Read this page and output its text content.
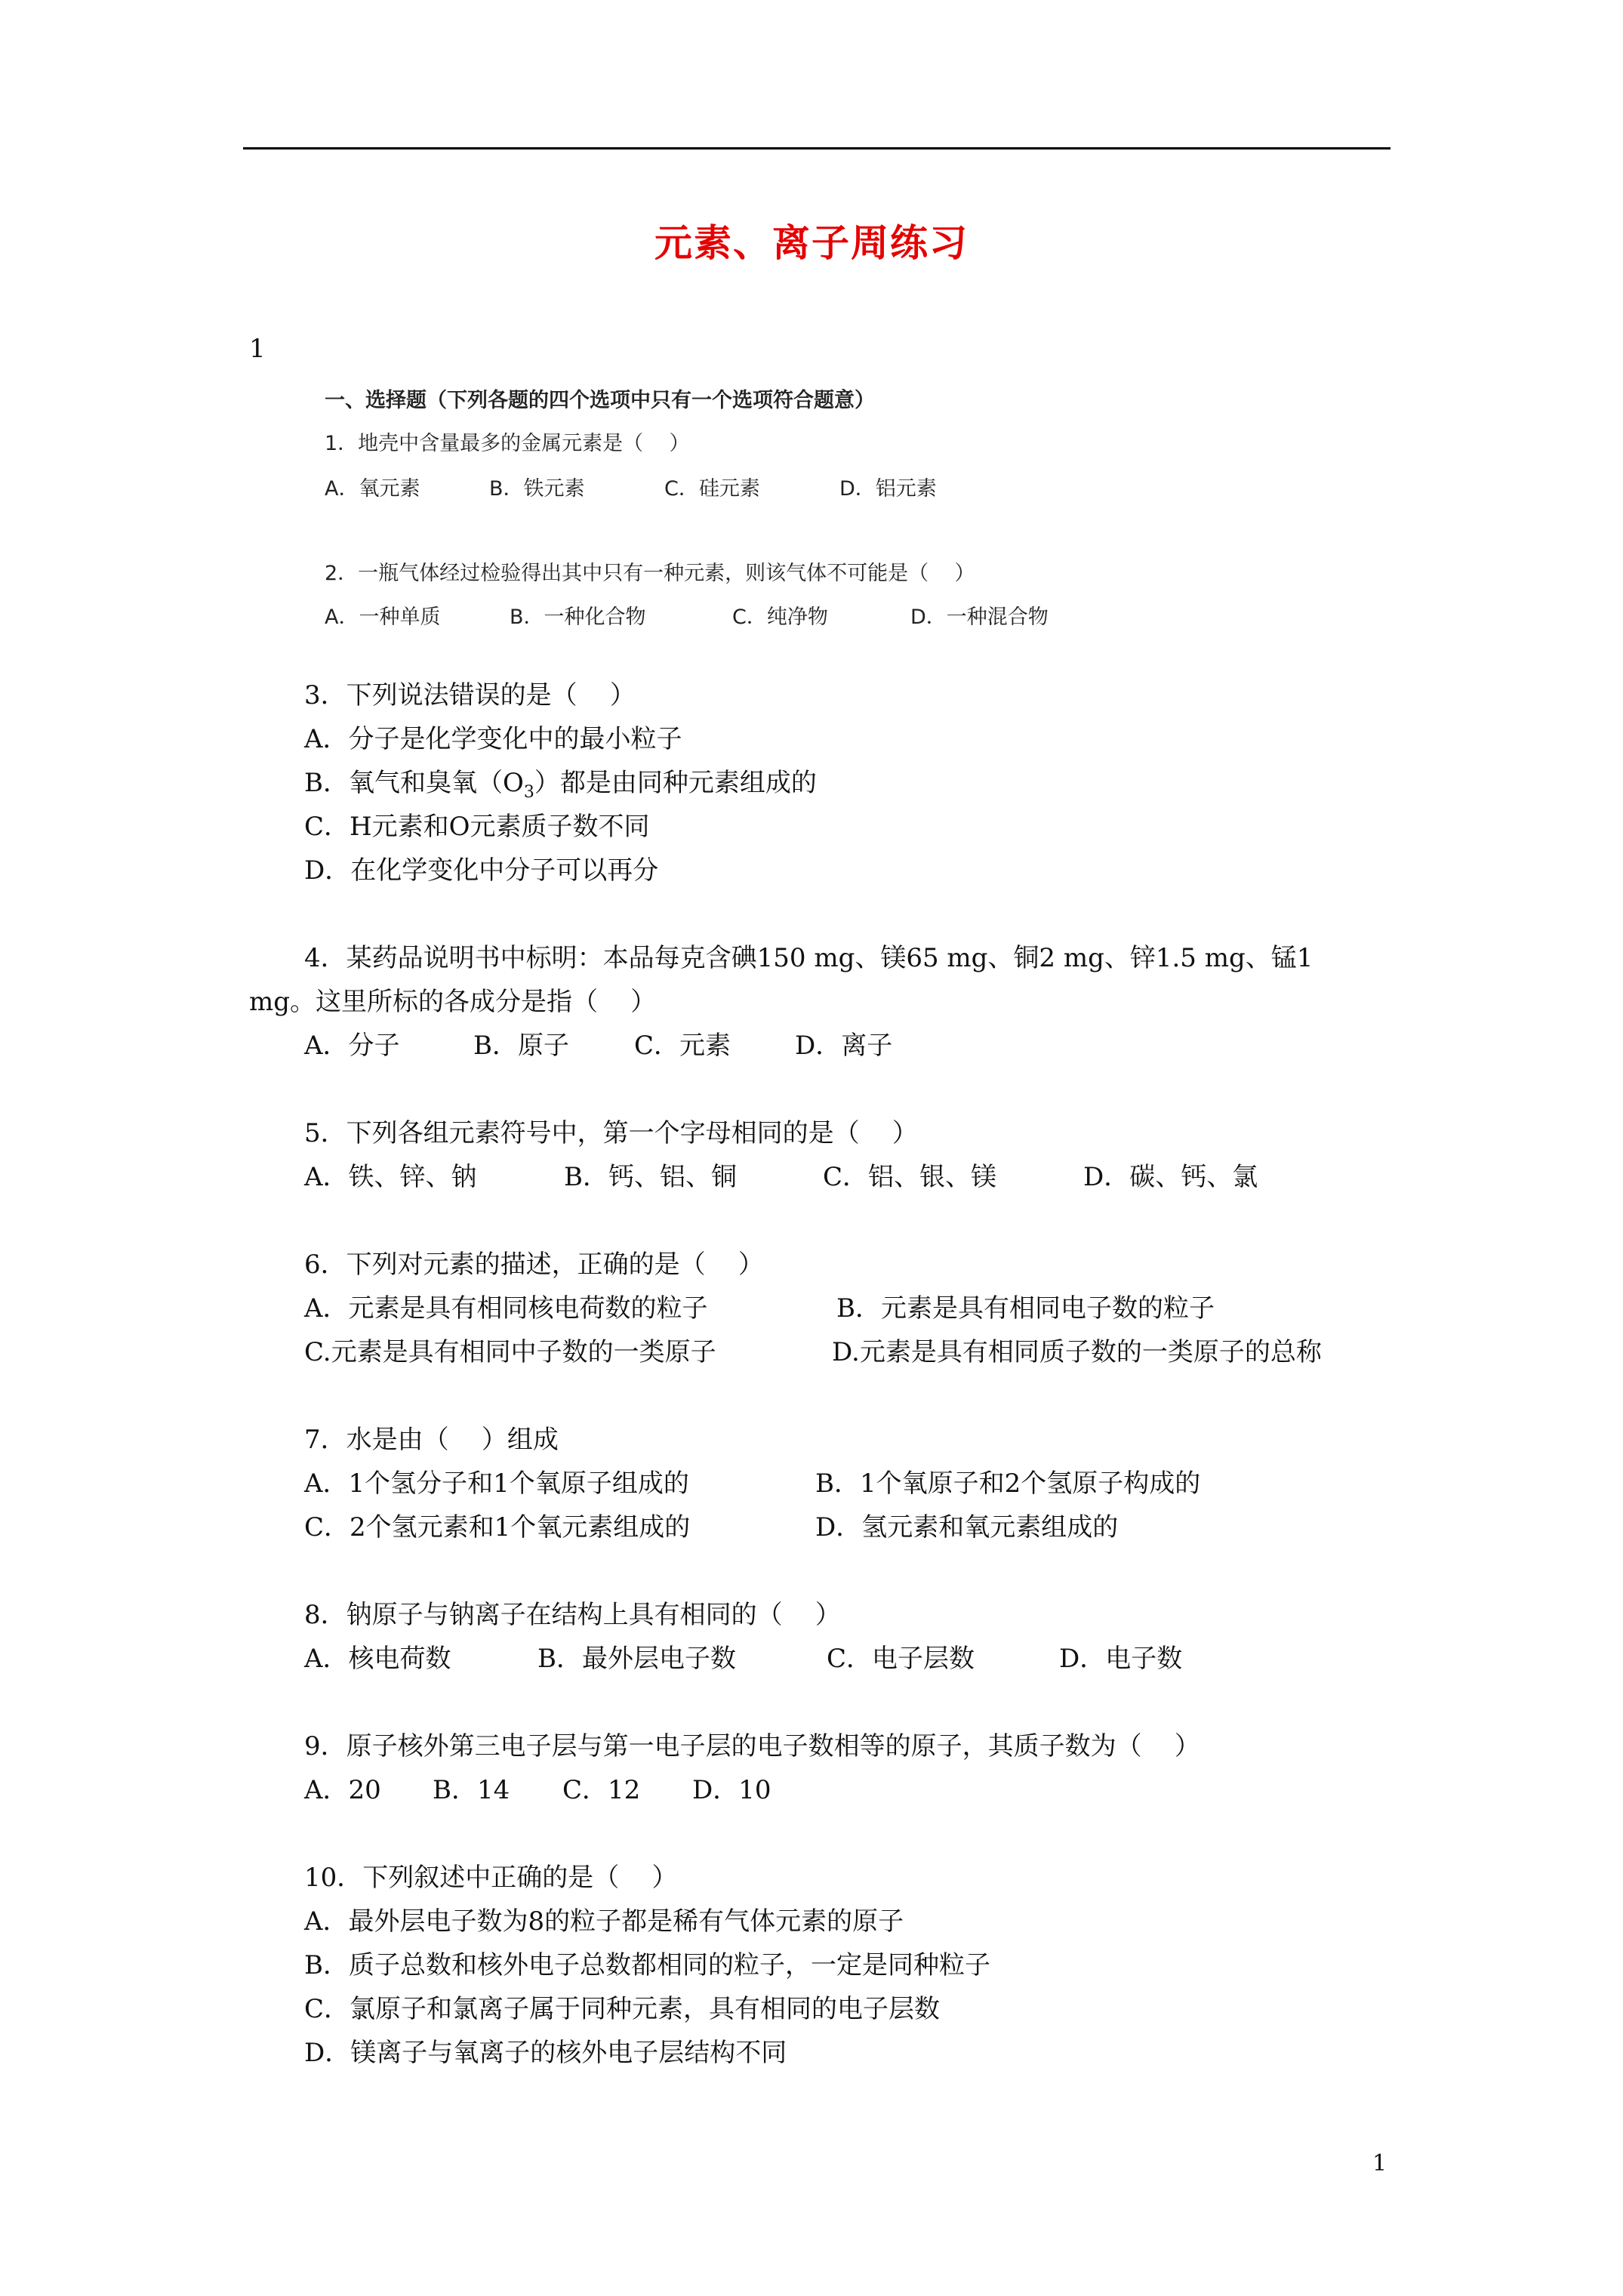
元素、离子周练习
1
一、选择题（下列各题的四个选项中只有一个选项符合题意）
1．地壳中含量最多的金属元素是（    ）
A．氧元素	B．铁元素	C．硅元素	D．铝元素
2．一瓶气体经过检验得出其中只有一种元素，则该气体不可能是（    ）
A．一种单质	B．一种化合物	C．纯净物	D．一种混合物
3．下列说法错误的是（    ）
A．分子是化学变化中的最小粒子
B．氧气和臭氧$(O_3)$都是由同种元素组成的
C．H元素和O元素质子数不同
D．在化学变化中分子可以再分
4．某药品说明书中标明：本品每克含碘150 mg、镁65 mg、铜2 mg、锌1.5 mg、锰1
mg。这里所标的各成分是指（    ）
A．分子	B．原子	C．元素 D．离子
5．下列各组元素符号中，第一个字母相同的是（    ）
A．铁、锌、钠	B．钙、铝、铜	C．铝、银、镁	D．碳、钙、氯
6．下列对元素的描述，正确的是（    ）
A．元素是具有相同核电荷数的粒子	B．元素是具有相同电子数的粒子
C.元素是具有相同中子数的一类原子	D.元素是具有相同质子数的一类原子的总称
7．水是由（    ）组成
A．1个氢分子和1个氧原子组成的	B．1个氧原子和2个氢原子构成的
C．2个氢元素和1个氧元素组成的	D．氢元素和氧元素组成的
8．钠原子与钠离子在结构上具有相同的（    ）
A．核电荷数	B．最外层电子数	C．电子层数	D．电子数
9．原子核外第三电子层与第一电子层的电子数相等的原子，其质子数为（    ）
A．20 B．14 C．12 D．10
10．下列叙述中正确的是（    ）
A．最外层电子数为8的粒子都是稀有气体元素的原子
B．质子总数和核外电子总数都相同的粒子，一定是同种粒子
C．氯原子和氯离子属于同种元素，具有相同的电子层数
D．镁离子与氧离子的核外电子层结构不同
1
